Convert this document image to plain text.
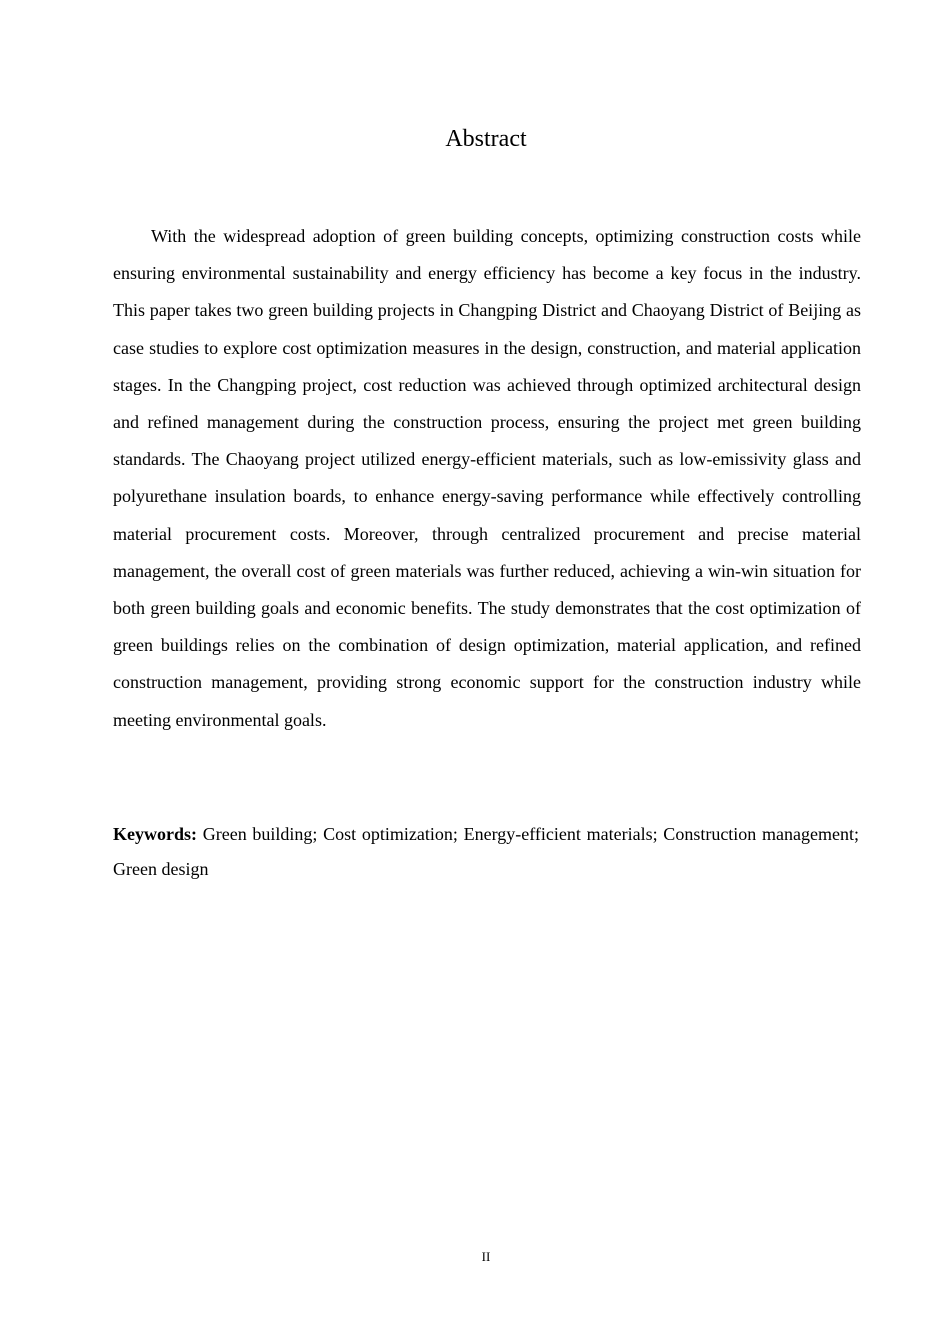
Abstract

With the widespread adoption of green building concepts, optimizing construction costs while ensuring environmental sustainability and energy efficiency has become a key focus in the industry. This paper takes two green building projects in Changping District and Chaoyang District of Beijing as case studies to explore cost optimization measures in the design, construction, and material application stages. In the Changping project, cost reduction was achieved through optimized architectural design and refined management during the construction process, ensuring the project met green building standards. The Chaoyang project utilized energy-efficient materials, such as low-emissivity glass and polyurethane insulation boards, to enhance energy-saving performance while effectively controlling material procurement costs. Moreover, through centralized procurement and precise material management, the overall cost of green materials was further reduced, achieving a win-win situation for both green building goals and economic benefits. The study demonstrates that the cost optimization of green buildings relies on the combination of design optimization, material application, and refined construction management, providing strong economic support for the construction industry while meeting environmental goals.

Keywords: Green building; Cost optimization; Energy-efficient materials; Construction management; Green design

II
